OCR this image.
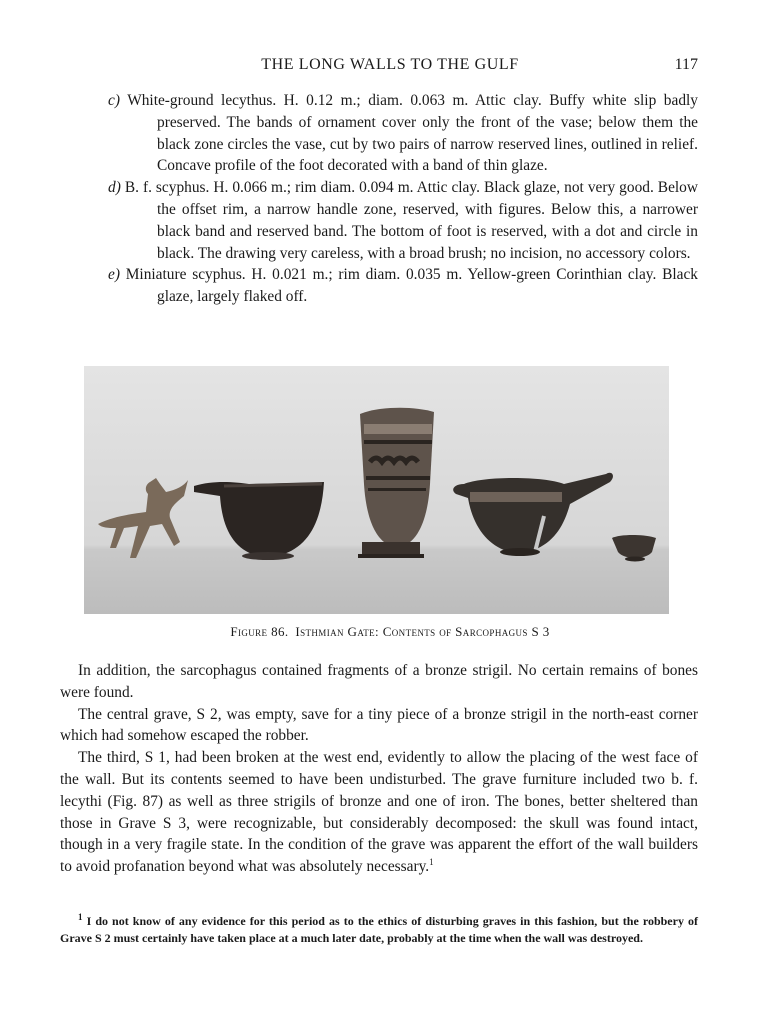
THE LONG WALLS TO THE GULF	117

c) White-ground lecythus. H. 0.12 m.; diam. 0.063 m. Attic clay. Buffy white slip badly preserved. The bands of ornament cover only the front of the vase; below them the black zone circles the vase, cut by two pairs of narrow reserved lines, outlined in relief. Concave profile of the foot decorated with a band of thin glaze.

d) B. f. scyphus. H. 0.066 m.; rim diam. 0.094 m. Attic clay. Black glaze, not very good. Below the offset rim, a narrow handle zone, reserved, with figures. Below this, a narrower black band and reserved band. The bottom of foot is reserved, with a dot and circle in black. The drawing very careless, with a broad brush; no incision, no accessory colors.

e) Miniature scyphus. H. 0.021 m.; rim diam. 0.035 m. Yellow-green Corinthian clay. Black glaze, largely flaked off.

Figure 86. Isthmian Gate: Contents of Sarcophagus S 3

In addition, the sarcophagus contained fragments of a bronze strigil. No certain remains of bones were found.

The central grave, S 2, was empty, save for a tiny piece of a bronze strigil in the north-east corner which had somehow escaped the robber.

The third, S 1, had been broken at the west end, evidently to allow the placing of the west face of the wall. But its contents seemed to have been undisturbed. The grave furniture included two b. f. lecythi (Fig. 87) as well as three strigils of bronze and one of iron. The bones, better sheltered than those in Grave S 3, were recognizable, but considerably decomposed: the skull was found intact, though in a very fragile state. In the condition of the grave was apparent the effort of the wall builders to avoid profanation beyond what was absolutely necessary.$^1$

$^1$ I do not know of any evidence for this period as to the ethics of disturbing graves in this fashion, but the robbery of Grave S 2 must certainly have taken place at a much later date, probably at the time when the wall was destroyed.
